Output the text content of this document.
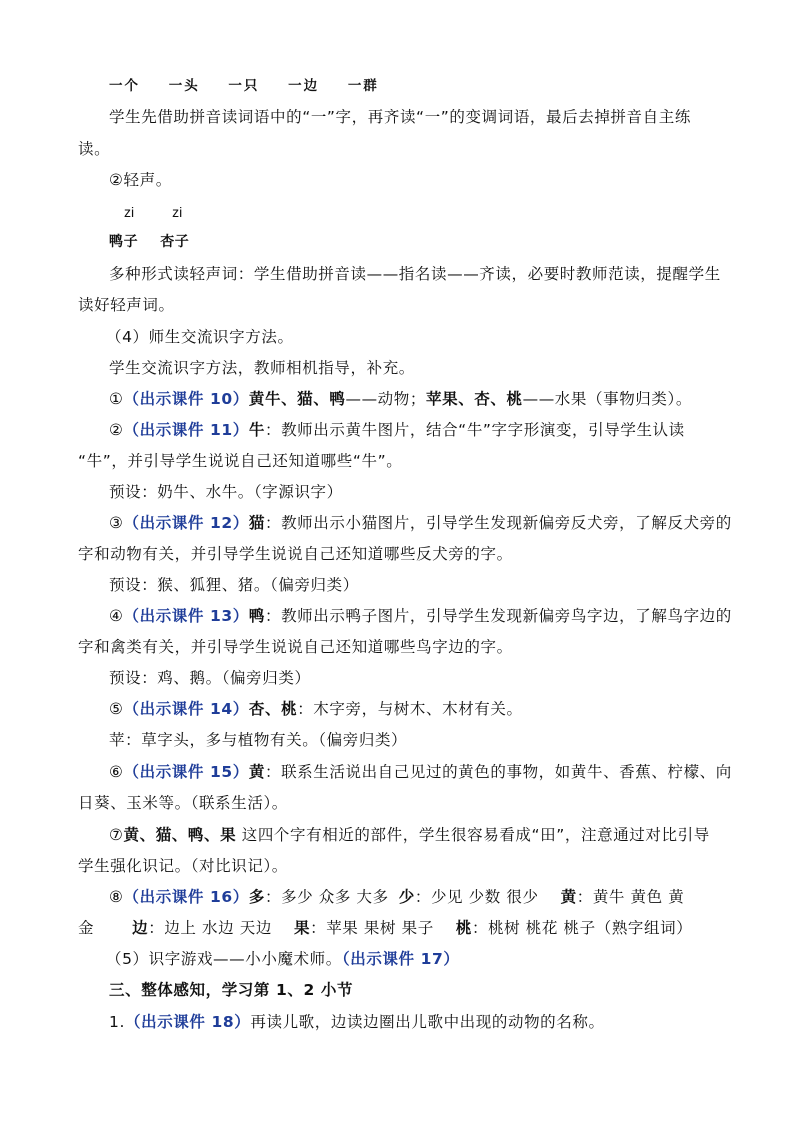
一个 一头 一只 一边 一群
学生先借助拼音读词语中的“一”字，再齐读“一”的变调词语，最后去掉拼音自主练
读。
②轻声。
zi	zi
鸭子 杏子
多种形式读轻声词：学生借助拼音读——指名读——齐读，必要时教师范读，提醒学生
读好轻声词。
（4）师生交流识字方法。
学生交流识字方法，教师相机指导，补充。
①（出示课件 10）黄牛、猫、鸭——动物；苹果、杏、桃——水果（事物归类）。
②（出示课件 11）牛：教师出示黄牛图片，结合“牛”字字形演变，引导学生认读
“牛”，并引导学生说说自己还知道哪些“牛”。
预设：奶牛、水牛。（字源识字）
③（出示课件 12）猫：教师出示小猫图片，引导学生发现新偏旁反犬旁，了解反犬旁的
字和动物有关，并引导学生说说自己还知道哪些反犬旁的字。
预设：猴、狐狸、猪。（偏旁归类）
④（出示课件 13）鸭：教师出示鸭子图片，引导学生发现新偏旁鸟字边，了解鸟字边的
字和禽类有关，并引导学生说说自己还知道哪些鸟字边的字。
预设：鸡、鹅。（偏旁归类）
⑤（出示课件 14）杏、桃：木字旁，与树木、木材有关。
苹：草字头，多与植物有关。（偏旁归类）
⑥（出示课件 15）黄：联系生活说出自己见过的黄色的事物，如黄牛、香蕉、柠檬、向
日葵、玉米等。（联系生活）。
⑦黄、猫、鸭、果 这四个字有相近的部件，学生很容易看成“田”，注意通过对比引导
学生强化识记。（对比识记）。
⑧（出示课件 16）多：多少 众多 大多 少：少见 少数 很少 黄：黄牛 黄色 黄
金 边：边上 水边 天边 果：苹果 果树 果子 桃：桃树 桃花 桃子（熟字组词）
（5）识字游戏——小小魔术师。（出示课件 17）
三、整体感知，学习第 1、2 小节
1.（出示课件 18）再读儿歌，边读边圈出儿歌中出现的动物的名称。
